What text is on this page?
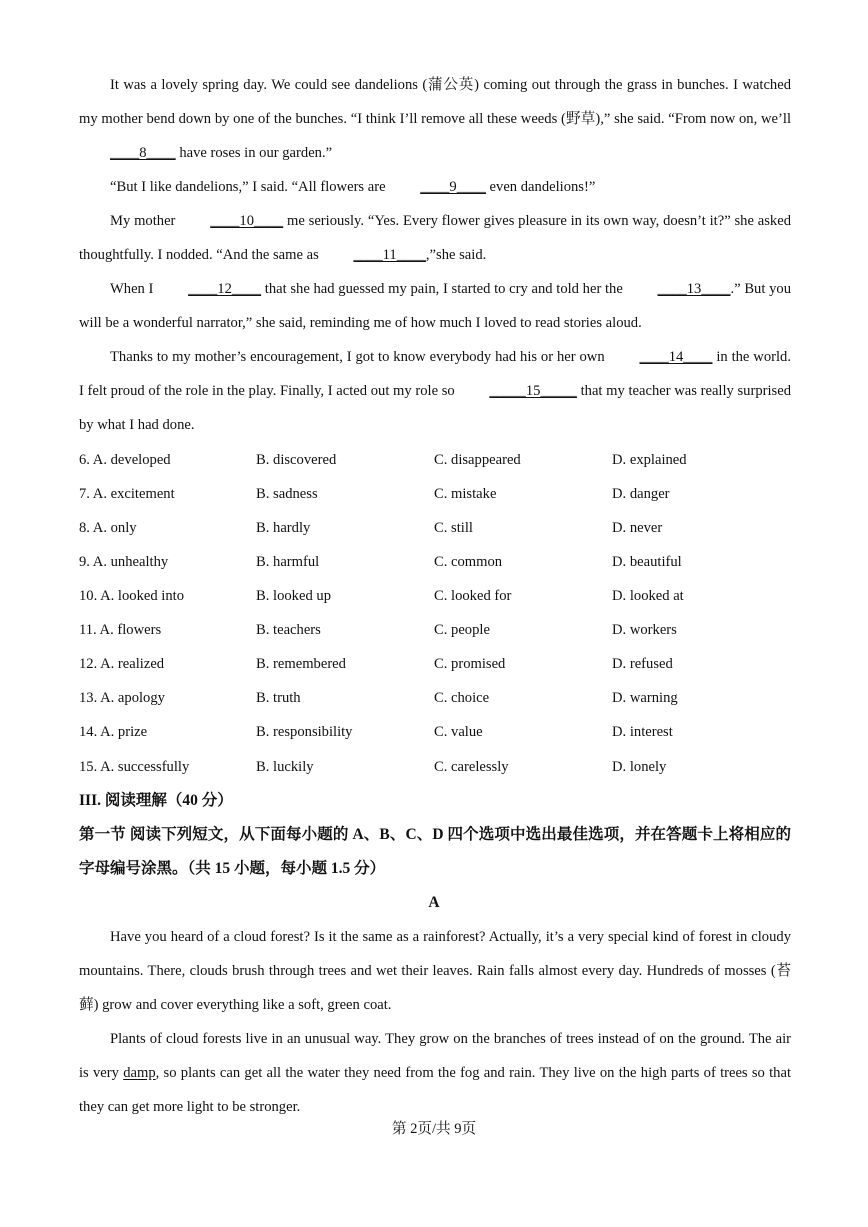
It was a lovely spring day. We could see dandelions (蒲公英) coming out through the grass in bunches. I watched my mother bend down by one of the bunches. “I think I’ll remove all these weeds (野草),” she said. “From now on, we’ll ____8____ have roses in our garden.”
“But I like dandelions,” I said. “All flowers are ____9____ even dandelions!”
My mother ____10____ me seriously. “Yes. Every flower gives pleasure in its own way, doesn’t it?” she asked thoughtfully. I nodded. “And the same as ____11____,”she said.
When I ____12____ that she had guessed my pain, I started to cry and told her the ____13____.” But you will be a wonderful narrator,” she said, reminding me of how much I loved to read stories aloud.
Thanks to my mother’s encouragement, I got to know everybody had his or her own ____14____ in the world. I felt proud of the role in the play. Finally, I acted out my role so _____15_____ that my teacher was really surprised by what I had done.
6. A. developed	B. discovered	C. disappeared	D. explained
7. A. excitement	B. sadness	C. mistake	D. danger
8. A. only	B. hardly	C. still	D. never
9. A. unhealthy	B. harmful	C. common	D. beautiful
10. A. looked into	B. looked up	C. looked for	D. looked at
11. A. flowers	B. teachers	C. people	D. workers
12. A. realized	B. remembered	C. promised	D. refused
13. A. apology	B. truth	C. choice	D. warning
14. A. prize	B. responsibility	C. value	D. interest
15. A. successfully	B. luckily	C. carelessly	D. lonely
III. 阅读理解（40 分）
第一节 阅读下列短文，从下面每小题的 A、B、C、D 四个选项中选出最佳选项，并在答题卡上将相应的字母编号涂黑。（共 15 小题，每小题 1.5 分）
A
Have you heard of a cloud forest? Is it the same as a rainforest? Actually, it’s a very special kind of forest in cloudy mountains. There, clouds brush through trees and wet their leaves. Rain falls almost every day. Hundreds of mosses (苔藓) grow and cover everything like a soft, green coat.
Plants of cloud forests live in an unusual way. They grow on the branches of trees instead of on the ground. The air is very damp, so plants can get all the water they need from the fog and rain. They live on the high parts of trees so that they can get more light to be stronger.
第 2页/共 9页
